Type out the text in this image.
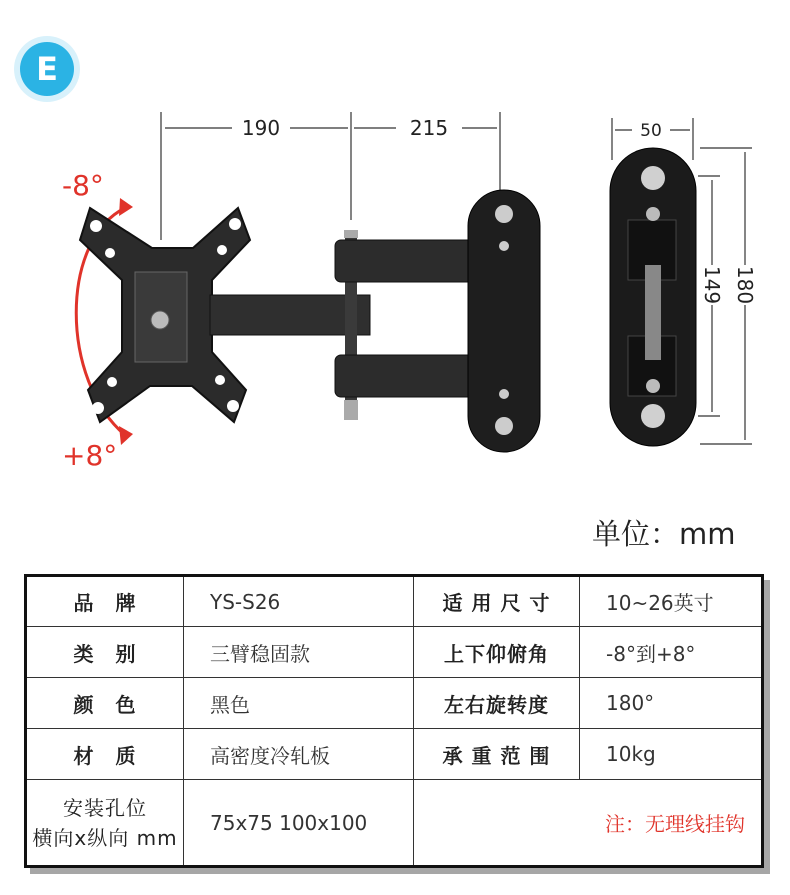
E
190	215	50
149 180
-8°
+8°
单位：mm
品　牌	YS-S26	适 用 尺 寸	10~26英寸
类　别	三臂稳固款	上下仰俯角	-8°到+8°
颜　色	黑色	左右旋转度	180°
材　质	高密度冷轧板	承 重 范 围	10kg

安装孔位
横向x纵向 mm	75x75 100x100	注：无理线挂钩	
